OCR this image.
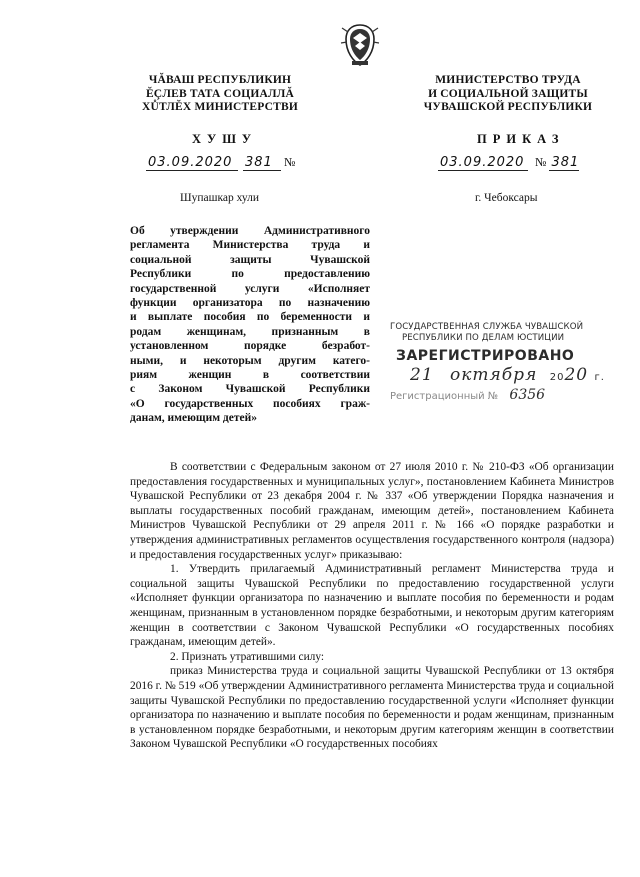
ЧĂВАШ РЕСПУБЛИКИН
ĔÇЛЕВ ТАТА СОЦИАЛЛĂ
ХŮТЛĔХ МИНИСТЕРСТВИ
МИНИСТЕРСТВО ТРУДА
И СОЦИАЛЬНОЙ ЗАЩИТЫ
ЧУВАШСКОЙ РЕСПУБЛИКИ
ХУШУ	ПРИКАЗ
03.09.2020 381 №	03.09.2020 № 381
Шупашкар хули	г. Чебоксары
Об утверждении Административного
регламента Министерства труда и
социальной защиты Чувашской
Республики по предоставлению
государственной услуги «Исполняет
функции организатора по назначению
и выплате пособия по беременности и
родам женщинам, признанным в
установленном порядке безработ-
ными, и некоторым другим катего-
риям женщин в соответствии
с Законом Чувашской Республики
«О государственных пособиях граж-
данам, имеющим детей»
ГОСУДАРСТВЕННАЯ СЛУЖБА ЧУВАШСКОЙ
РЕСПУБЛИКИ ПО ДЕЛАМ ЮСТИЦИИ
ЗАРЕГИСТРИРОВАНО
21 октября 2020 г.
Регистрационный № 6356

В соответствии с Федеральным законом от 27 июля 2010 г. № 210-ФЗ «Об организации предоставления государственных и муниципальных услуг», постановлением Кабинета Министров Чувашской Республики от 23 декабря 2004 г. № 337 «Об утверждении Порядка назначения и выплаты государственных пособий гражданам, имеющим детей», постановлением Кабинета Министров Чувашской Республики от 29 апреля 2011 г. № 166 «О порядке разработки и утверждения административных регламентов осуществления государственного контроля (надзора) и предоставления государственных услуг» приказываю:

1. Утвердить прилагаемый Административный регламент Министерства труда и социальной защиты Чувашской Республики по предоставлению государственной услуги «Исполняет функции организатора по назначению и выплате пособия по беременности и родам женщинам, признанным в установленном порядке безработными, и некоторым другим категориям женщин в соответствии с Законом Чувашской Республики «О государственных пособиях гражданам, имеющим детей».

2. Признать утратившими силу:

приказ Министерства труда и социальной защиты Чувашской Республики от 13 октября 2016 г. № 519 «Об утверждении Административного регламента Министерства труда и социальной защиты Чувашской Республики по предоставлению государственной услуги «Исполняет функции организатора по назначению и выплате пособия по беременности и родам женщинам, признанным в установленном порядке безработными, и некоторым другим категориям женщин в соответствии Законом Чувашской Республики «О государственных пособиях
